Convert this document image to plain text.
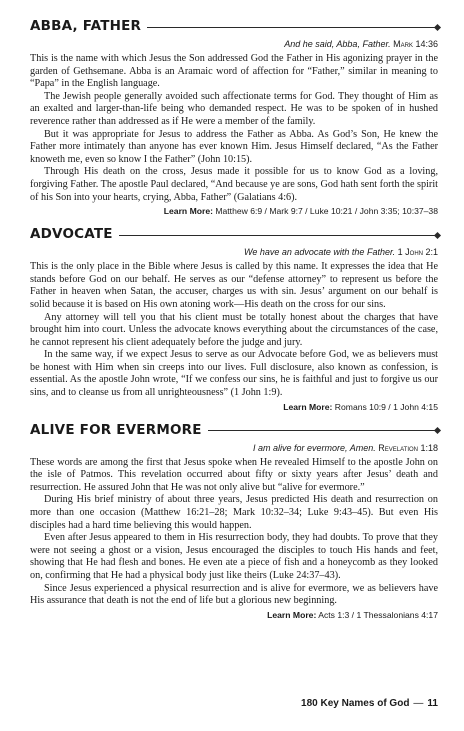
ABBA, FATHER
And he said, Abba, Father. Mark 14:36

This is the name with which Jesus the Son addressed God the Father in His agonizing prayer in the garden of Gethsemane. Abba is an Aramaic word of affection for “Father,” similar in meaning to “Papa” in the English language.

The Jewish people generally avoided such affectionate terms for God. They thought of Him as an exalted and larger-than-life being who demanded respect. He was to be spoken of in hushed reverence rather than addressed as if He were a member of the family.

But it was appropriate for Jesus to address the Father as Abba. As God’s Son, He knew the Father more intimately than anyone has ever known Him. Jesus Himself declared, “As the Father knoweth me, even so know I the Father” (John 10:15).

Through His death on the cross, Jesus made it possible for us to know God as a loving, forgiving Father. The apostle Paul declared, “And because ye are sons, God hath sent forth the spirit of his Son into your hearts, crying, Abba, Father” (Galatians 4:6).

Learn More: Matthew 6:9 / Mark 9:7 / Luke 10:21 / John 3:35; 10:37–38
ADVOCATE
We have an advocate with the Father. 1 John 2:1

This is the only place in the Bible where Jesus is called by this name. It expresses the idea that He stands before God on our behalf. He serves as our “defense attorney” to represent us before the Father in heaven when Satan, the accuser, charges us with sin. Jesus’ argument on our behalf is solid because it is based on His own atoning work—His death on the cross for our sins.

Any attorney will tell you that his client must be totally honest about the charges that have brought him into court. Unless the advocate knows everything about the circumstances of the case, he cannot represent his client adequately before the judge and jury.

In the same way, if we expect Jesus to serve as our Advocate before God, we as believers must be honest with Him when sin creeps into our lives. Full disclosure, also known as confession, is essential. As the apostle John wrote, “If we confess our sins, he is faithful and just to forgive us our sins, and to cleanse us from all unrighteousness” (1 John 1:9).

Learn More: Romans 10:9 / 1 John 4:15
ALIVE FOR EVERMORE
I am alive for evermore, Amen. Revelation 1:18

These words are among the first that Jesus spoke when He revealed Himself to the apostle John on the isle of Patmos. This revelation occurred about fifty or sixty years after Jesus’ death and resurrection. He assured John that He was not only alive but “alive for evermore.”

During His brief ministry of about three years, Jesus predicted His death and resurrection on more than one occasion (Matthew 16:21–28; Mark 10:32–34; Luke 9:43–45). But even His disciples had a hard time believing this would happen.

Even after Jesus appeared to them in His resurrection body, they had doubts. To prove that they were not seeing a ghost or a vision, Jesus encouraged the disciples to touch His hands and feet, showing that He had flesh and bones. He even ate a piece of fish and a honeycomb as they looked on, confirming that He had a physical body just like theirs (Luke 24:37–43).

Since Jesus experienced a physical resurrection and is alive for evermore, we as believers have His assurance that death is not the end of life but a glorious new beginning.

Learn More: Acts 1:3 / 1 Thessalonians 4:17
180 Key Names of God — 11
